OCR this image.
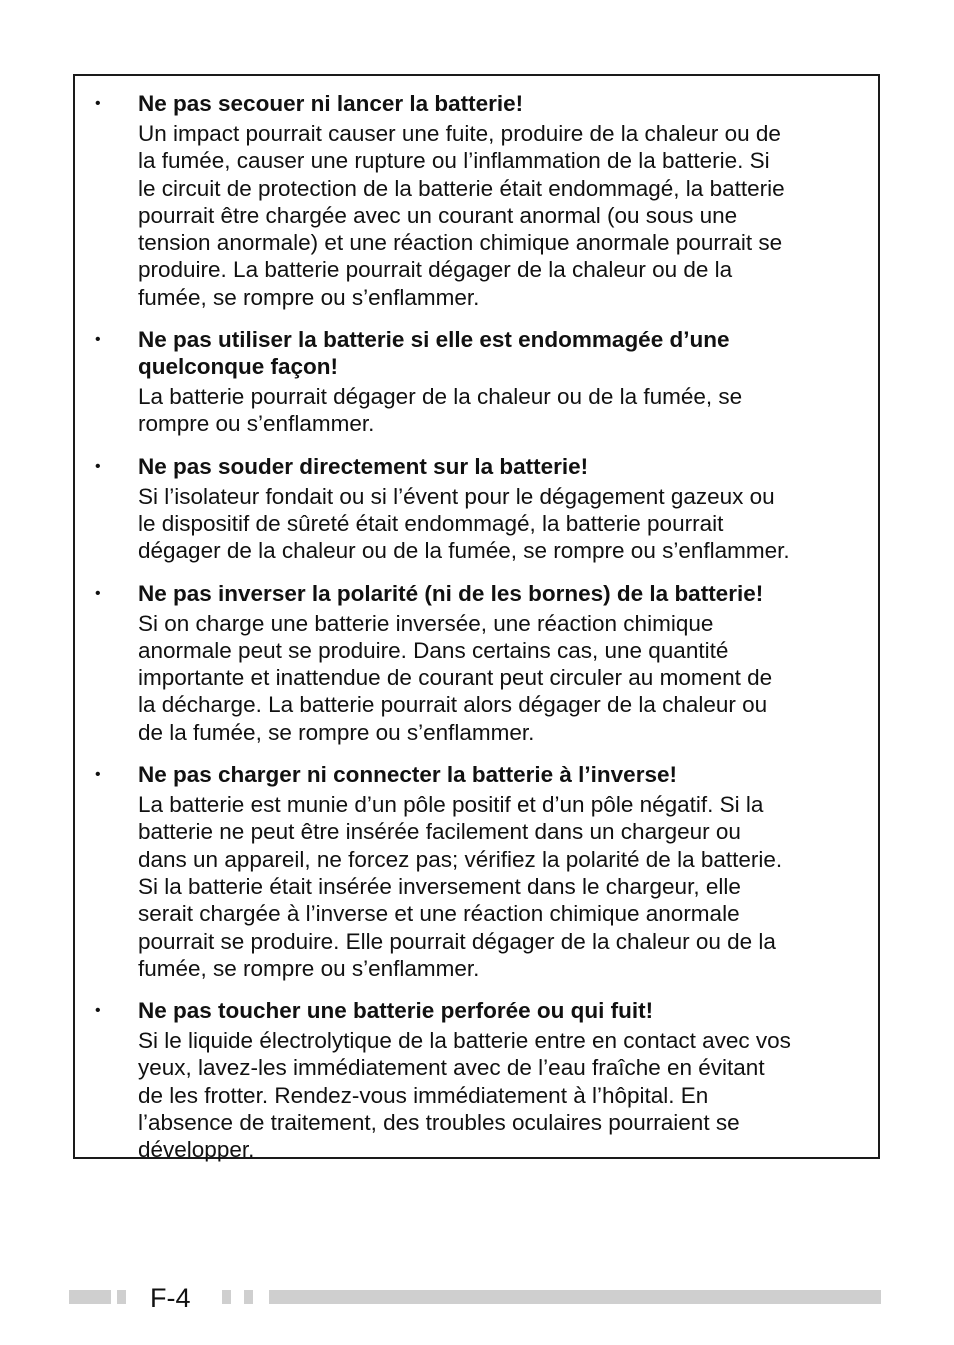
• Ne pas secouer ni lancer la batterie!

Un impact pourrait causer une fuite, produire de la chaleur ou de
la fumée, causer une rupture ou l’inflammation de la batterie. Si
le circuit de protection de la batterie était endommagé, la batterie
pourrait être chargée avec un courant anormal (ou sous une
tension anormale) et une réaction chimique anormale pourrait se
produire. La batterie pourrait dégager de la chaleur ou de la
fumée, se rompre ou s’enflammer.

• Ne pas utiliser la batterie si elle est endommagée d’une
quelconque façon!

La batterie pourrait dégager de la chaleur ou de la fumée, se
rompre ou s’enflammer.

• Ne pas souder directement sur la batterie!

Si l’isolateur fondait ou si l’évent pour le dégagement gazeux ou
le dispositif de sûreté était endommagé, la batterie pourrait
dégager de la chaleur ou de la fumée, se rompre ou s’enflammer.

• Ne pas inverser la polarité (ni de les bornes) de la batterie!

Si on charge une batterie inversée, une réaction chimique
anormale peut se produire. Dans certains cas, une quantité
importante et inattendue de courant peut circuler au moment de
la décharge. La batterie pourrait alors dégager de la chaleur ou
de la fumée, se rompre ou s’enflammer.

• Ne pas charger ni connecter la batterie à l’inverse!

La batterie est munie d’un pôle positif et d’un pôle négatif. Si la
batterie ne peut être insérée facilement dans un chargeur ou
dans un appareil, ne forcez pas; vérifiez la polarité de la batterie.
Si la batterie était insérée inversement dans le chargeur, elle
serait chargée à l’inverse et une réaction chimique anormale
pourrait se produire. Elle pourrait dégager de la chaleur ou de la
fumée, se rompre ou s’enflammer.

• Ne pas toucher une batterie perforée ou qui fuit!

Si le liquide électrolytique de la batterie entre en contact avec vos
yeux, lavez-les immédiatement avec de l’eau fraîche en évitant
de les frotter. Rendez-vous immédiatement à l’hôpital. En
l’absence de traitement, des troubles oculaires pourraient se
développer.

F-4
